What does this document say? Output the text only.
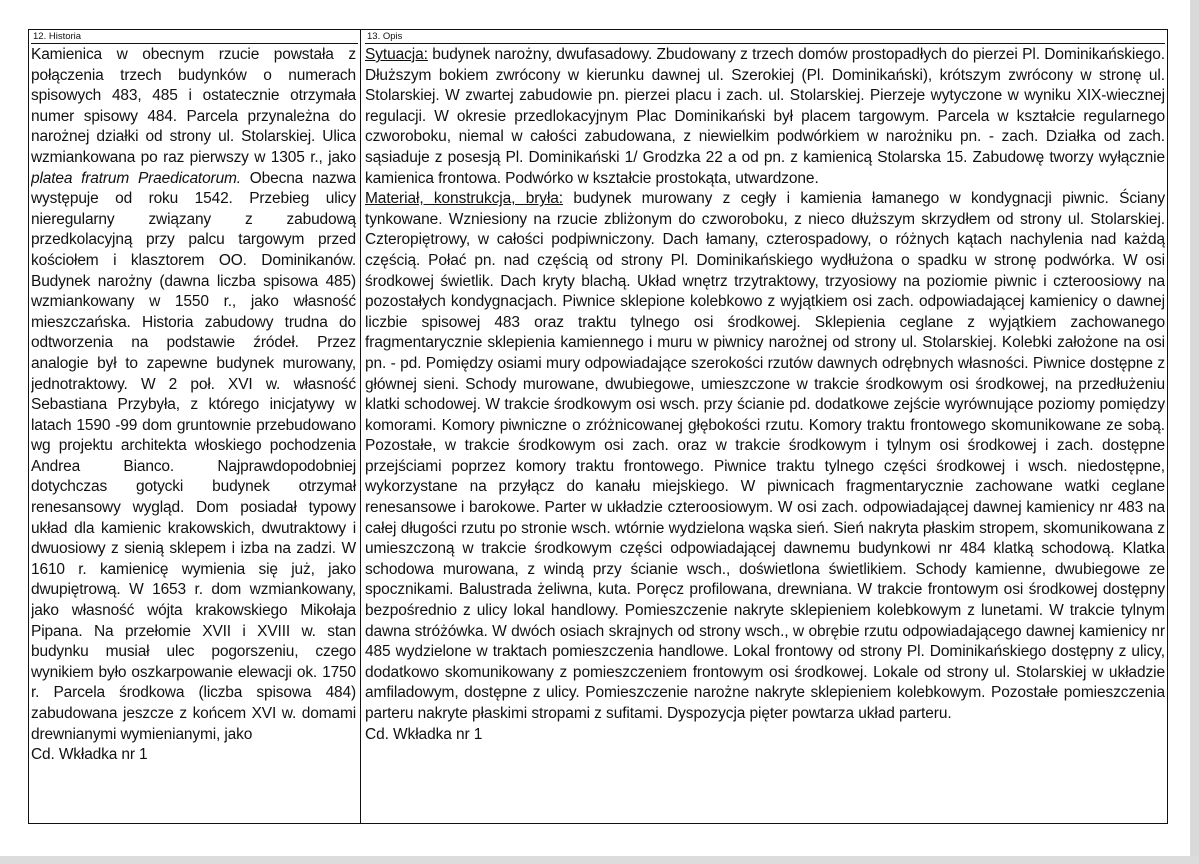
12. Historia
Kamienica w obecnym rzucie powstała z połączenia trzech budynków o numerach spisowych 483, 485 i ostatecznie otrzymała numer spisowy 484. Parcela przynależna do narożnej działki od strony ul. Stolarskiej. Ulica wzmiankowana po raz pierwszy w 1305 r., jako platea fratrum Praedicatorum. Obecna nazwa występuje od roku 1542. Przebieg ulicy nieregularny związany z zabudową przedkolacyjną przy palcu targowym przed kościołem i klasztorem OO. Dominikanów. Budynek narożny (dawna liczba spisowa 485) wzmiankowany w 1550 r., jako własność mieszczańska. Historia zabudowy trudna do odtworzenia na podstawie źródeł. Przez analogie był to zapewne budynek murowany, jednotraktowy. W 2 poł. XVI w. własność Sebastiana Przybyła, z którego inicjatywy w latach 1590 -99 dom gruntownie przebudowano wg projektu architekta włoskiego pochodzenia Andrea Bianco. Najprawdopodobniej dotychczas gotycki budynek otrzymał renesansowy wygląd. Dom posiadał typowy układ dla kamienic krakowskich, dwutraktowy i dwuosiowy z sienią sklepem i izba na zadzi. W 1610 r. kamienicę wymienia się już, jako dwupiętrową. W 1653 r. dom wzmiankowany, jako własność wójta krakowskiego Mikołaja Pipana. Na przełomie XVII i XVIII w. stan budynku musiał ulec pogorszeniu, czego wynikiem było oszkarpowanie elewacji ok. 1750 r. Parcela środkowa (liczba spisowa 484) zabudowana jeszcze z końcem XVI w. domami drewnianymi wymienianymi, jako
Cd. Wkładka nr 1
13. Opis
Sytuacja: budynek narożny, dwufasadowy. Zbudowany z trzech domów prostopadłych do pierzei Pl. Dominikańskiego. Dłuższym bokiem zwrócony w kierunku dawnej ul. Szerokiej (Pl. Dominikański), krótszym zwrócony w stronę ul. Stolarskiej. W zwartej zabudowie pn. pierzei placu i zach. ul. Stolarskiej. Pierzeje wytyczone w wyniku XIX-wiecznej regulacji. W okresie przedlokacyjnym Plac Dominikański był placem targowym. Parcela w kształcie regularnego czworoboku, niemal w całości zabudowana, z niewielkim podwórkiem w narożniku pn. - zach. Działka od zach. sąsiaduje z posesją Pl. Dominikański 1/ Grodzka 22 a od pn. z kamienicą Stolarska 15. Zabudowę tworzy wyłącznie kamienica frontowa. Podwórko w kształcie prostokąta, utwardzone.
Materiał, konstrukcja, bryła: budynek murowany z cegły i kamienia łamanego w kondygnacji piwnic. Ściany tynkowane. Wzniesiony na rzucie zbliżonym do czworoboku, z nieco dłuższym skrzydłem od strony ul. Stolarskiej. Czteropiętrowy, w całości podpiwniczony. Dach łamany, czterospadowy, o różnych kątach nachylenia nad każdą częścią. Połać pn. nad częścią od strony Pl. Dominikańskiego wydłużona o spadku w stronę podwórka. W osi środkowej świetlik. Dach kryty blachą. Układ wnętrz trzytraktowy, trzyosiowy na poziomie piwnic i czteroosiowy na pozostałych kondygnacjach. Piwnice sklepione kolebkowo z wyjątkiem osi zach. odpowiadającej kamienicy o dawnej liczbie spisowej 483 oraz traktu tylnego osi środkowej. Sklepienia ceglane z wyjątkiem zachowanego fragmentarycznie sklepienia kamiennego i muru w piwnicy narożnej od strony ul. Stolarskiej. Kolebki założone na osi pn. - pd. Pomiędzy osiami mury odpowiadające szerokości rzutów dawnych odrębnych własności. Piwnice dostępne z głównej sieni. Schody murowane, dwubiegowe, umieszczone w trakcie środkowym osi środkowej, na przedłużeniu klatki schodowej. W trakcie środkowym osi wsch. przy ścianie pd. dodatkowe zejście wyrównujące poziomy pomiędzy komorami. Komory piwniczne o zróżnicowanej głębokości rzutu. Komory traktu frontowego skomunikowane ze sobą. Pozostałe, w trakcie środkowym osi zach. oraz w trakcie środkowym i tylnym osi środkowej i zach. dostępne przejściami poprzez komory traktu frontowego. Piwnice traktu tylnego części środkowej i wsch. niedostępne, wykorzystane na przyłącz do kanału miejskiego. W piwnicach fragmentarycznie zachowane watki ceglane renesansowe i barokowe. Parter w układzie czteroosiowym. W osi zach. odpowiadającej dawnej kamienicy nr 483 na całej długości rzutu po stronie wsch. wtórnie wydzielona wąska sień. Sień nakryta płaskim stropem, skomunikowana z umieszczoną w trakcie środkowym części odpowiadającej dawnemu budynkowi nr 484 klatką schodową. Klatka schodowa murowana, z windą przy ścianie wsch., doświetlona świetlikiem. Schody kamienne, dwubiegowe ze spocznikami. Balustrada żeliwna, kuta. Poręcz profilowana, drewniana. W trakcie frontowym osi środkowej dostępny bezpośrednio z ulicy lokal handlowy. Pomieszczenie nakryte sklepieniem kolebkowym z lunetami. W trakcie tylnym dawna stróżówka. W dwóch osiach skrajnych od strony wsch., w obrębie rzutu odpowiadającego dawnej kamienicy nr 485 wydzielone w traktach pomieszczenia handlowe. Lokal frontowy od strony Pl. Dominikańskiego dostępny z ulicy, dodatkowo skomunikowany z pomieszczeniem frontowym osi środkowej. Lokale od strony ul. Stolarskiej w układzie amfiladowym, dostępne z ulicy. Pomieszczenie narożne nakryte sklepieniem kolebkowym. Pozostałe pomieszczenia parteru nakryte płaskimi stropami z sufitami. Dyspozycja pięter powtarza układ parteru.
Cd. Wkładka nr 1
